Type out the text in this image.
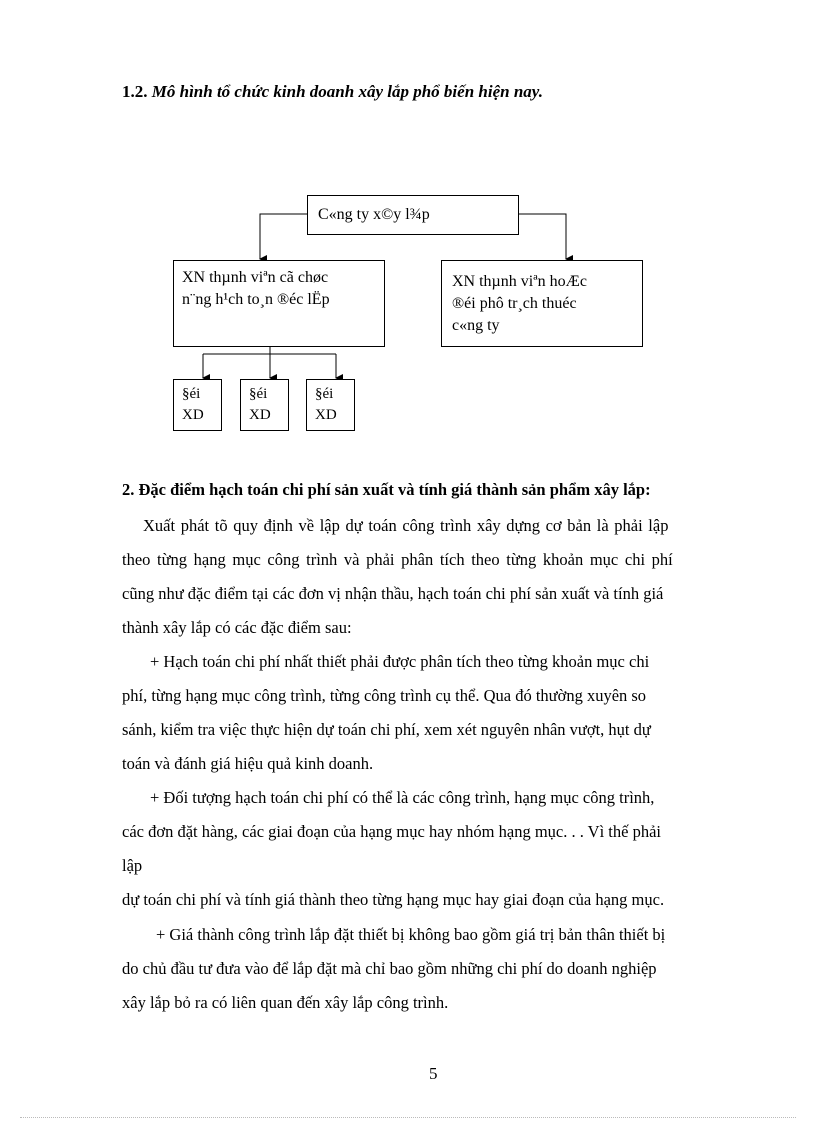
1.2. Mô hình tổ chức kinh doanh xây lắp phổ biến hiện nay.
C«ng ty x©y l¾p
XN thµnh viªn cã chøc
n¨ng h¹ch to¸n ®éc lËp
XN thµnh viªn hoÆc
®éi phô tr¸ch thuéc
c«ng ty
§éi
XD
§éi
XD
§éi
XD
2. Đặc điểm hạch toán chi phí sản xuất và tính giá thành sản phẩm xây lắp:
Xuất phát tõ quy định về lập dự toán công trình xây dựng cơ bản là phải lập
theo từng hạng mục công trình và phải phân tích theo từng khoản mục chi phí
cũng như đặc điểm tại các đơn vị nhận thầu, hạch toán chi phí sản xuất và tính giá
thành xây lắp có các đặc điểm sau:
+ Hạch toán chi phí nhất thiết phải được phân tích theo từng khoản mục chi
phí, từng hạng mục công trình, từng công trình cụ thể. Qua đó thường xuyên so
sánh, kiểm tra việc thực hiện dự toán chi phí, xem xét nguyên nhân vượt, hụt dự
toán và đánh giá hiệu quả kinh doanh.
+ Đối tượng hạch toán chi phí có thể là các công trình, hạng mục công trình,
các đơn đặt hàng, các giai đoạn của hạng mục hay nhóm hạng mục. . . Vì thế phải
lập
dự toán chi phí và tính giá thành theo từng hạng mục hay giai đoạn của hạng mục.
+ Giá thành công trình lắp đặt thiết bị không bao gồm giá trị bản thân thiết bị
do chủ đầu tư đưa vào để lắp đặt mà chỉ bao gồm những chi phí do doanh nghiệp
xây lắp bỏ ra có liên quan đến xây lắp công trình.
5
